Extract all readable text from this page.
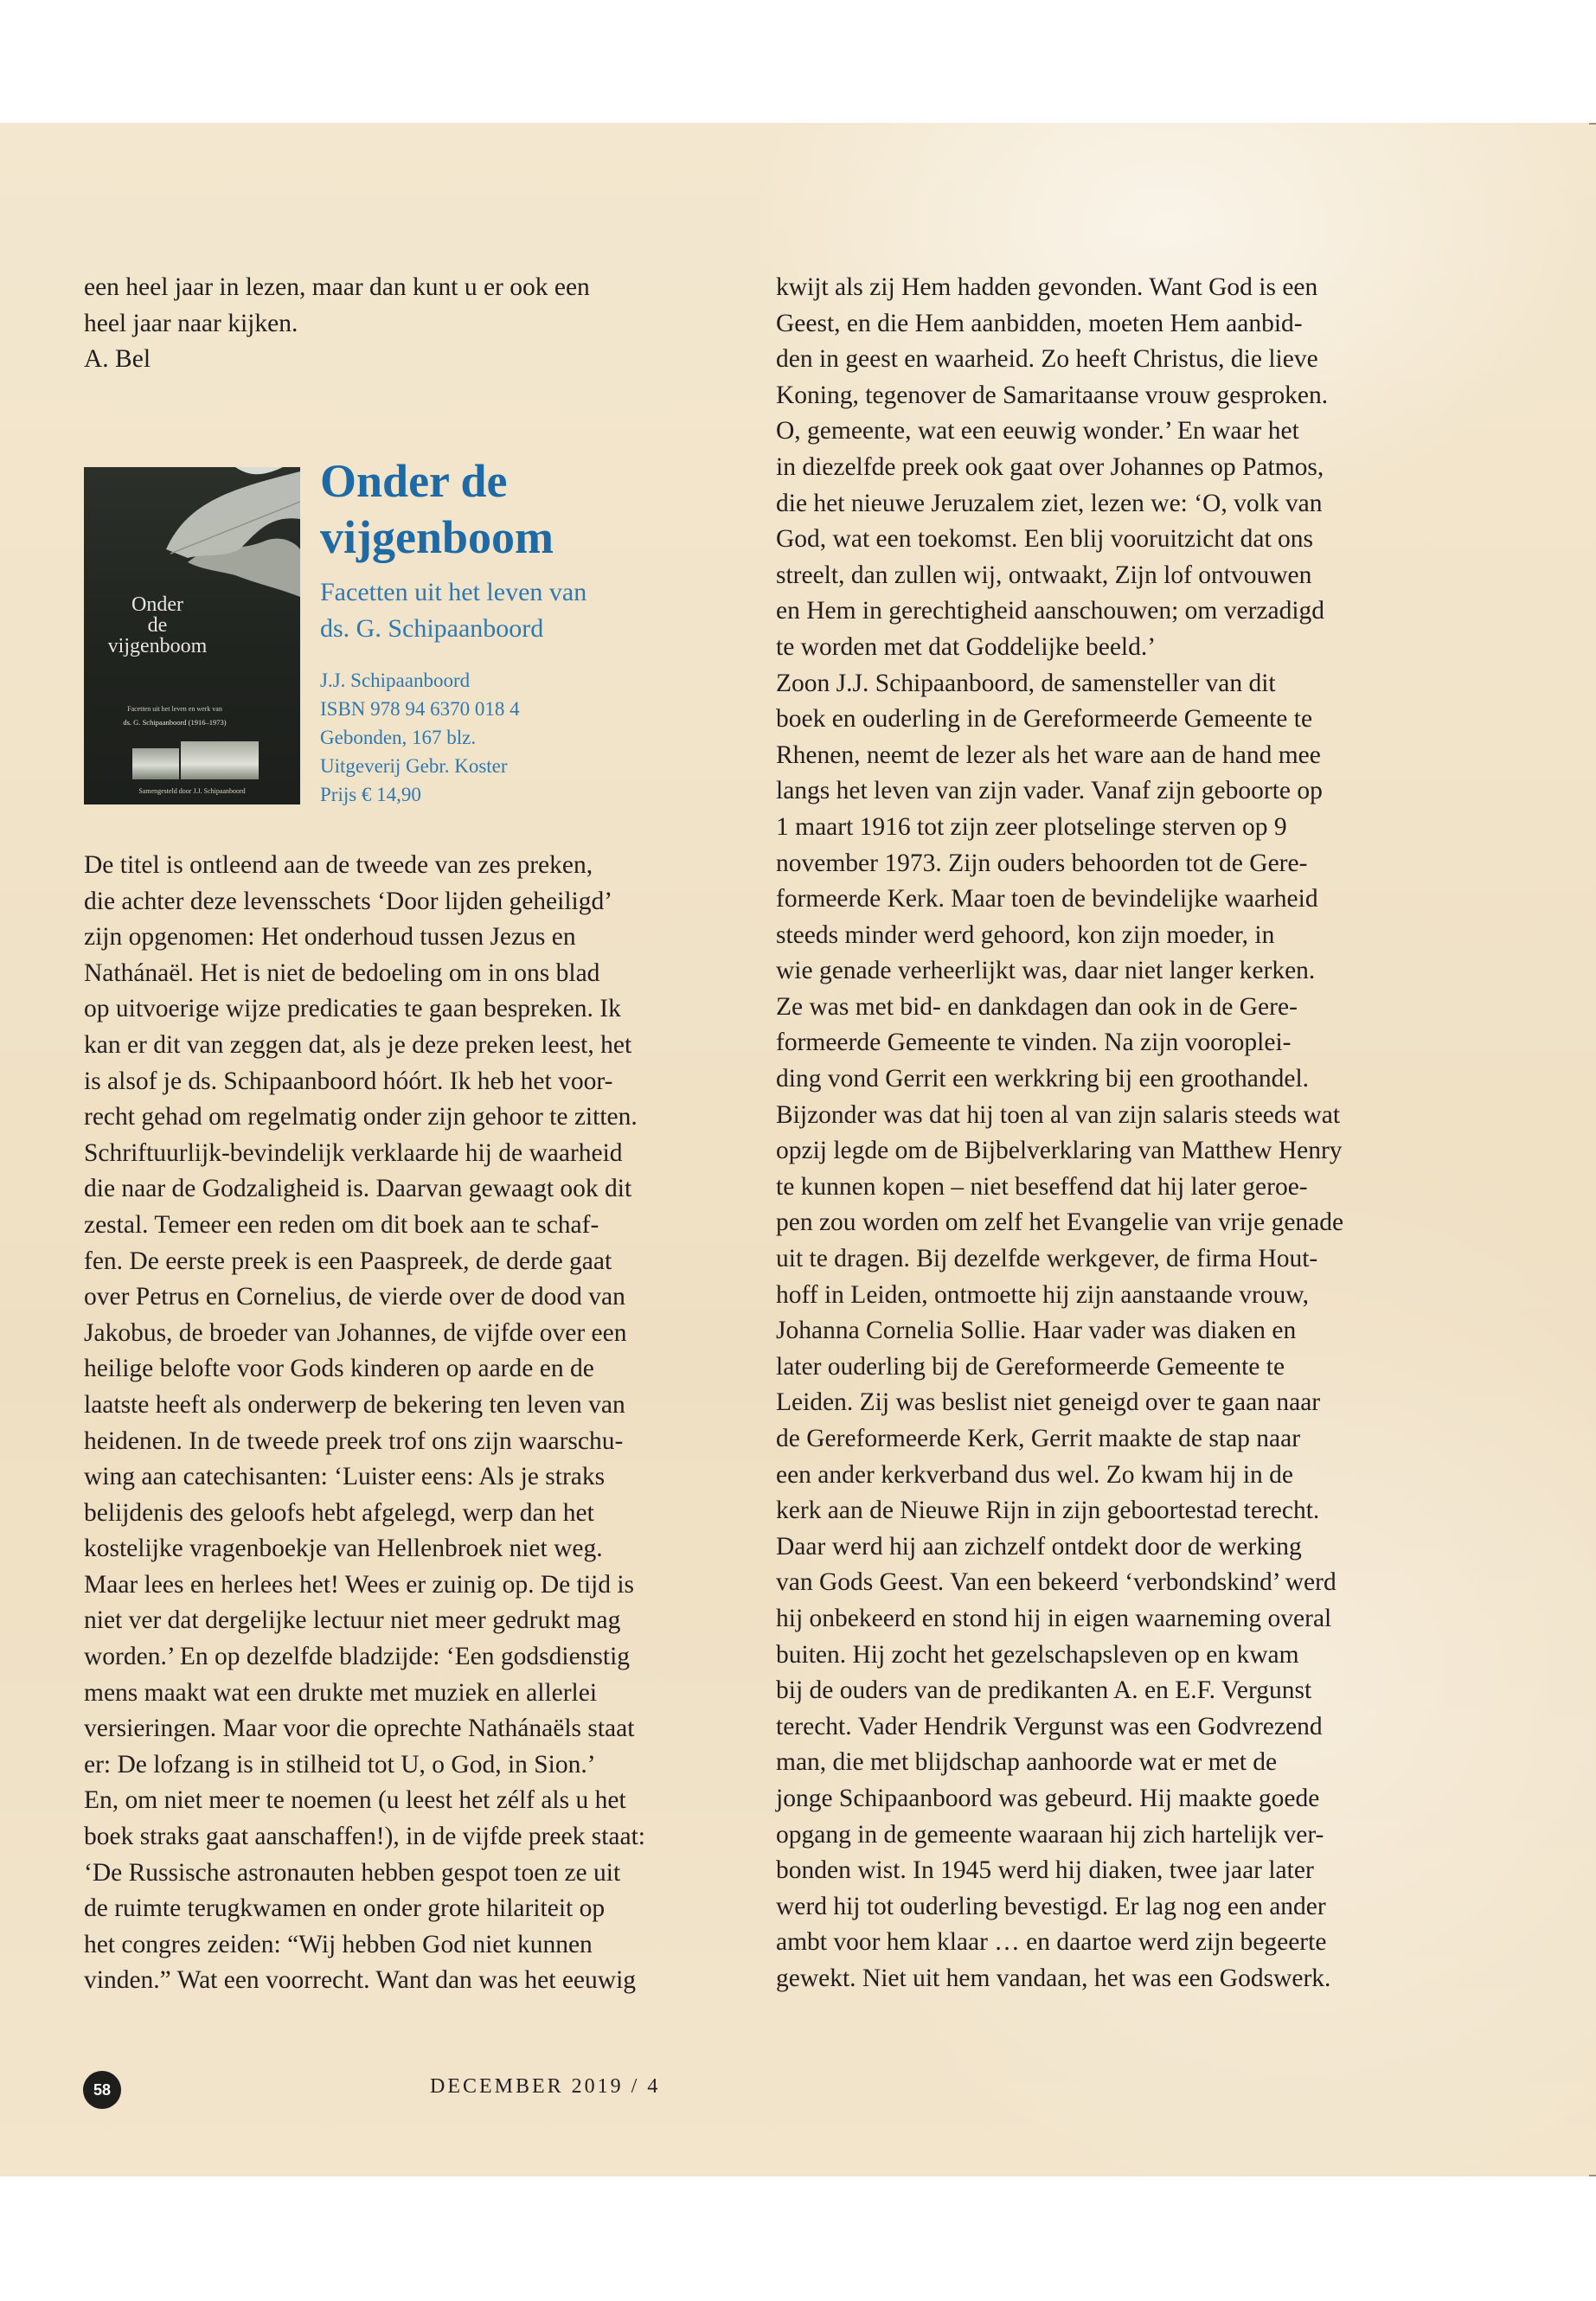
een heel jaar in lezen, maar dan kunt u er ook een

heel jaar naar kijken.

A. Bel

Onder
de
vijgenboom
Facetten uit het leven en werk van
ds. G. Schipaanboord (1916–1973)
Samengesteld door J.J. Schipaanboord
Onder de
vijgenboom
Facetten uit het leven van
ds. G. Schipaanboord
J.J. Schipaanboord
ISBN 978 94 6370 018 4
Gebonden, 167 blz.
Uitgeverij Gebr. Koster
Prijs € 14,90

De titel is ontleend aan de tweede van zes preken,

die achter deze levensschets ‘Door lijden geheiligd’

zijn opgenomen: Het onderhoud tussen Jezus en

Nathánaël. Het is niet de bedoeling om in ons blad

op uitvoerige wijze predicaties te gaan bespreken. Ik

kan er dit van zeggen dat, als je deze preken leest, het

is alsof je ds. Schipaanboord hóórt. Ik heb het voor-

recht gehad om regelmatig onder zijn gehoor te zitten.

Schriftuurlijk-bevindelijk verklaarde hij de waarheid

die naar de Godzaligheid is. Daarvan gewaagt ook dit

zestal. Temeer een reden om dit boek aan te schaf-

fen. De eerste preek is een Paaspreek, de derde gaat

over Petrus en Cornelius, de vierde over de dood van

Jakobus, de broeder van Johannes, de vijfde over een

heilige belofte voor Gods kinderen op aarde en de

laatste heeft als onderwerp de bekering ten leven van

heidenen. In de tweede preek trof ons zijn waarschu-

wing aan catechisanten: ‘Luister eens: Als je straks

belijdenis des geloofs hebt afgelegd, werp dan het

kostelijke vragenboekje van Hellenbroek niet weg.

Maar lees en herlees het! Wees er zuinig op. De tijd is

niet ver dat dergelijke lectuur niet meer gedrukt mag

worden.’ En op dezelfde bladzijde: ‘Een godsdienstig

mens maakt wat een drukte met muziek en allerlei

versieringen. Maar voor die oprechte Nathánaëls staat

er: De lofzang is in stilheid tot U, o God, in Sion.’

En, om niet meer te noemen (u leest het zélf als u het

boek straks gaat aanschaffen!), in de vijfde preek staat:

‘De Russische astronauten hebben gespot toen ze uit

de ruimte terugkwamen en onder grote hilariteit op

het congres zeiden: “Wij hebben God niet kunnen

vinden.” Wat een voorrecht. Want dan was het eeuwig

kwijt als zij Hem hadden gevonden. Want God is een

Geest, en die Hem aanbidden, moeten Hem aanbid-

den in geest en waarheid. Zo heeft Christus, die lieve

Koning, tegenover de Samaritaanse vrouw gesproken.

O, gemeente, wat een eeuwig wonder.’ En waar het

in diezelfde preek ook gaat over Johannes op Patmos,

die het nieuwe Jeruzalem ziet, lezen we: ‘O, volk van

God, wat een toekomst. Een blij vooruitzicht dat ons

streelt, dan zullen wij, ontwaakt, Zijn lof ontvouwen

en Hem in gerechtigheid aanschouwen; om verzadigd

te worden met dat Goddelijke beeld.’

Zoon J.J. Schipaanboord, de samensteller van dit

boek en ouderling in de Gereformeerde Gemeente te

Rhenen, neemt de lezer als het ware aan de hand mee

langs het leven van zijn vader. Vanaf zijn geboorte op

1 maart 1916 tot zijn zeer plotselinge sterven op 9

november 1973. Zijn ouders behoorden tot de Gere-

formeerde Kerk. Maar toen de bevindelijke waarheid

steeds minder werd gehoord, kon zijn moeder, in

wie genade verheerlijkt was, daar niet langer kerken.

Ze was met bid- en dankdagen dan ook in de Gere-

formeerde Gemeente te vinden. Na zijn vooroplei-

ding vond Gerrit een werkkring bij een groothandel.

Bijzonder was dat hij toen al van zijn salaris steeds wat

opzij legde om de Bijbelverklaring van Matthew Henry

te kunnen kopen – niet beseffend dat hij later geroe-

pen zou worden om zelf het Evangelie van vrije genade

uit te dragen. Bij dezelfde werkgever, de firma Hout-

hoff in Leiden, ontmoette hij zijn aanstaande vrouw,

Johanna Cornelia Sollie. Haar vader was diaken en

later ouderling bij de Gereformeerde Gemeente te

Leiden. Zij was beslist niet geneigd over te gaan naar

de Gereformeerde Kerk, Gerrit maakte de stap naar

een ander kerkverband dus wel. Zo kwam hij in de

kerk aan de Nieuwe Rijn in zijn geboortestad terecht.

Daar werd hij aan zichzelf ontdekt door de werking

van Gods Geest. Van een bekeerd ‘verbondskind’ werd

hij onbekeerd en stond hij in eigen waarneming overal

buiten. Hij zocht het gezelschapsleven op en kwam

bij de ouders van de predikanten A. en E.F. Vergunst

terecht. Vader Hendrik Vergunst was een Godvrezend

man, die met blijdschap aanhoorde wat er met de

jonge Schipaanboord was gebeurd. Hij maakte goede

opgang in de gemeente waaraan hij zich hartelijk ver-

bonden wist. In 1945 werd hij diaken, twee jaar later

werd hij tot ouderling bevestigd. Er lag nog een ander

ambt voor hem klaar … en daartoe werd zijn begeerte

gewekt. Niet uit hem vandaan, het was een Godswerk.

58	DECEMBER 2019 / 4
